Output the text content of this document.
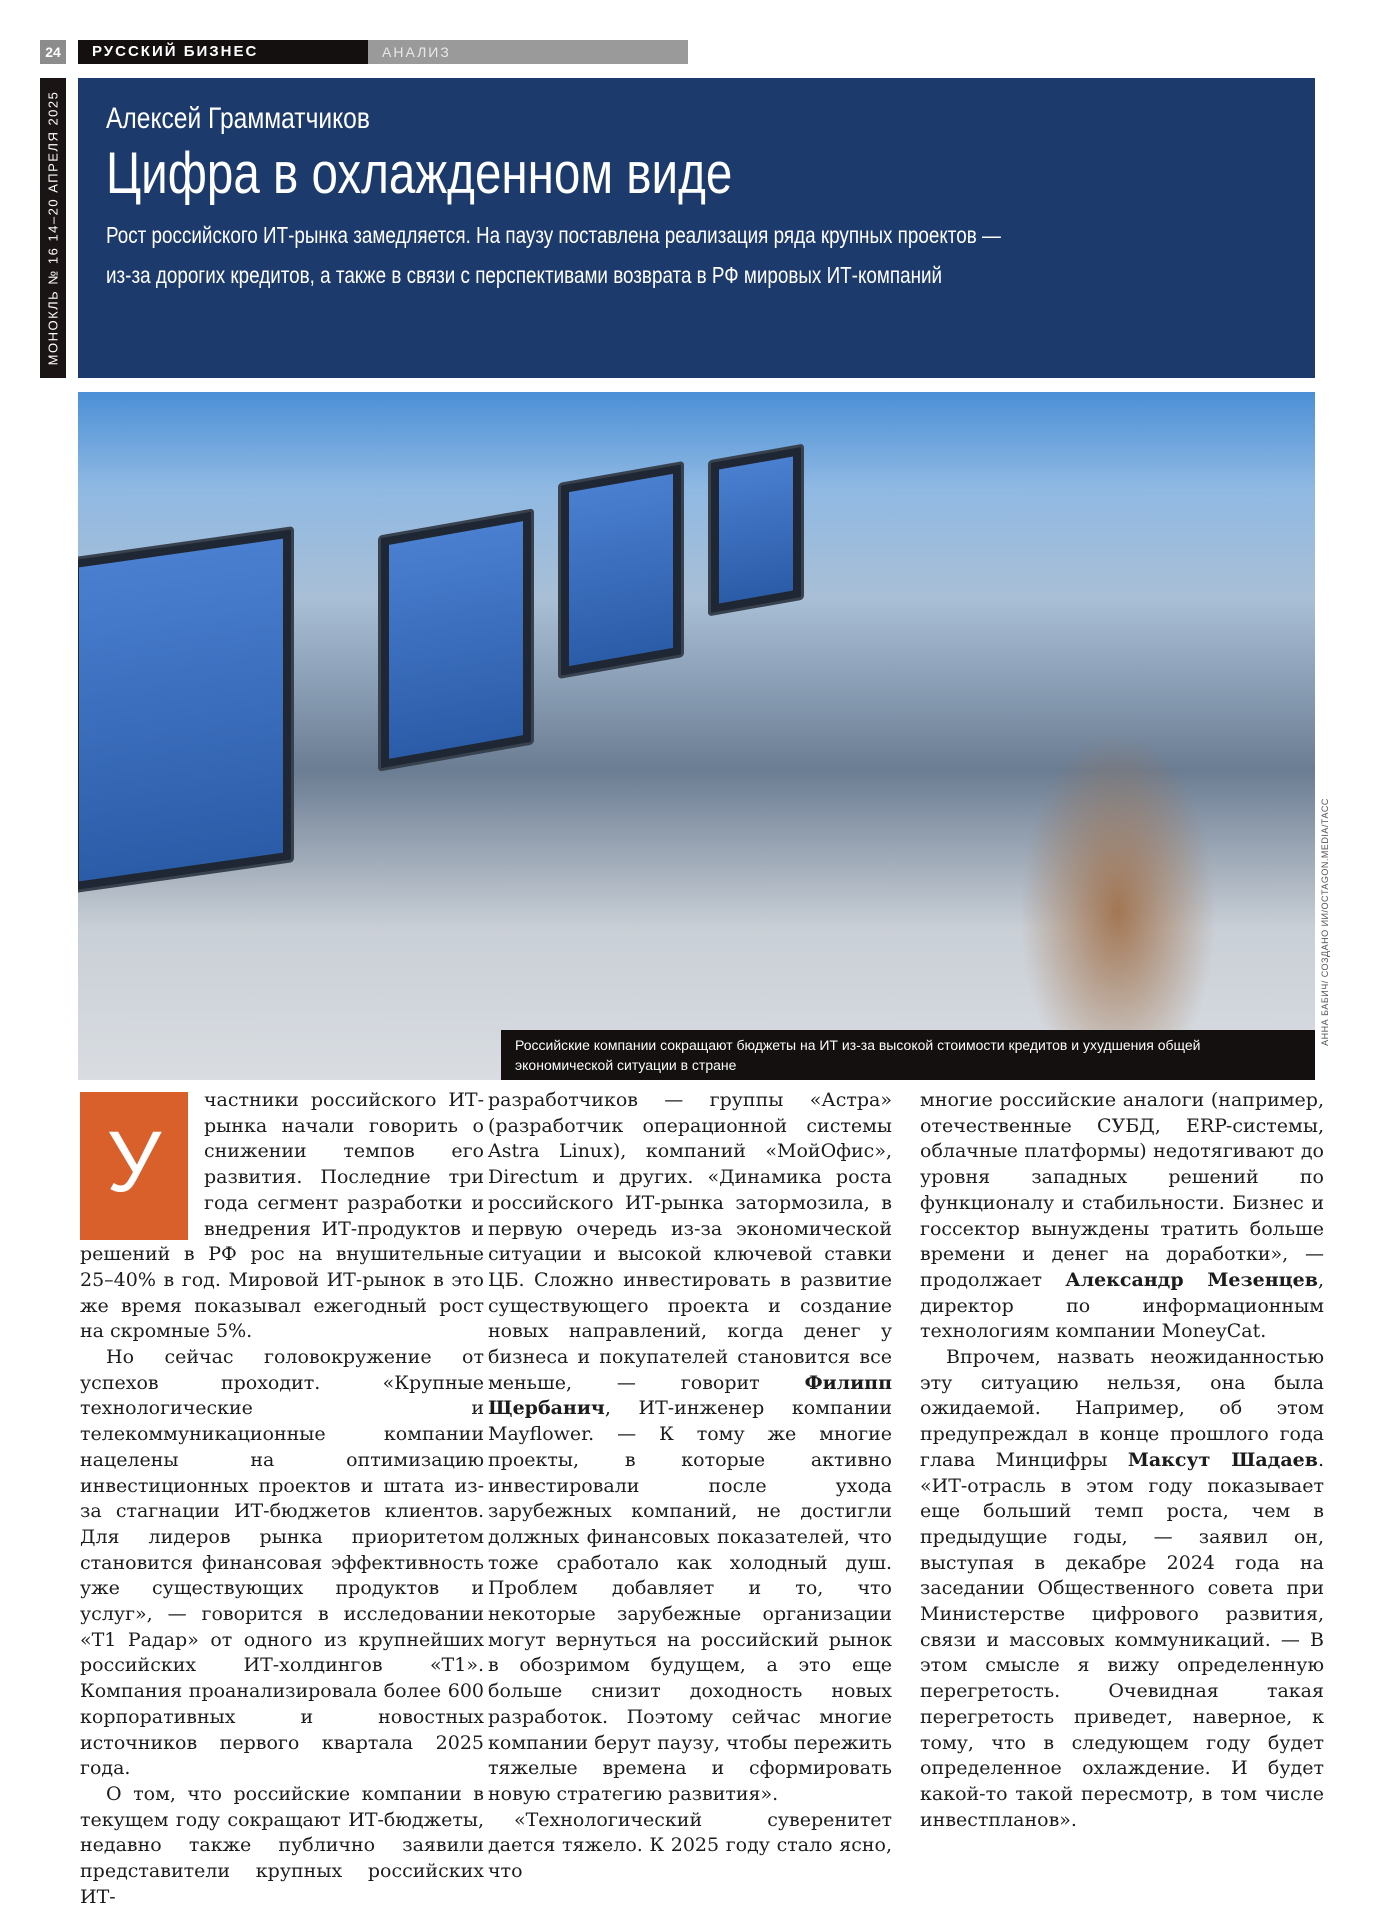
24	РУССКИЙ БИЗНЕС	АНАЛИЗ
МОНОКЛЬ № 16 14–20 АПРЕЛЯ 2025 Алексей Грамматчиков
Цифра в охлажденном виде
Рост российского ИТ-рынка замедляется. На паузу поставлена реализация ряда крупных проектов —
из-за дорогих кредитов, а также в связи с перспективами возврата в РФ мировых ИТ-компаний
Российские компании сокращают бюджеты на ИТ из-за высокой стоимости кредитов и ухудшения общей экономической ситуации в стране
АННА БАБИЧ/ СОЗДАНО ИИ/OCTAGON.MEDIA/ТАСС
У

частники российского ИТ-рынка начали говорить о снижении темпов его развития. Последние три года сегмент разработки и внедрения ИТ-продуктов и решений в РФ рос на внушительные 25–40% в год. Мировой ИТ-рынок в это же время показывал ежегодный рост на скромные 5%.

Но сейчас головокружение от успехов проходит. «Крупные технологические и телекоммуникационные компании нацелены на оптимизацию инвестиционных проектов и штата из-за стагнации ИТ-бюджетов клиентов. Для лидеров рынка приоритетом становится финансовая эффективность уже существующих продуктов и услуг», — говорится в исследовании «Т1 Радар» от одного из крупнейших российских ИТ-холдингов «Т1». Компания проанализировала более 600 корпоративных и новостных источников первого квартала 2025 года.

О том, что российские компании в текущем году сокращают ИТ-бюджеты, недавно также публично заявили представители крупных российских ИТ-

разработчиков — группы «Астра» (разработчик операционной системы Astra Linux), компаний «МойОфис», Directum и других. «Динамика роста российского ИТ-рынка затормозила, в первую очередь из-за экономической ситуации и высокой ключевой ставки ЦБ. Сложно инвестировать в развитие существующего проекта и создание новых направлений, когда денег у бизнеса и покупателей становится все меньше, — говорит Филипп Щербанич, ИТ-инженер компании Mayflower. — К тому же многие проекты, в которые активно инвестировали после ухода зарубежных компаний, не достигли должных финансовых показателей, что тоже сработало как холодный душ. Проблем добавляет и то, что некоторые зарубежные организации могут вернуться на российский рынок в обозримом будущем, а это еще больше снизит доходность новых разработок. Поэтому сейчас многие компании берут паузу, чтобы пережить тяжелые времена и сформировать новую стратегию развития».

«Технологический суверенитет дается тяжело. К 2025 году стало ясно, что

многие российские аналоги (например, отечественные СУБД, ERP-системы, облачные платформы) недотягивают до уровня западных решений по функционалу и стабильности. Бизнес и госсектор вынуждены тратить больше времени и денег на доработки», — продолжает Александр Мезенцев, директор по информационным технологиям компании MoneyCat.

Впрочем, назвать неожиданностью эту ситуацию нельзя, она была ожидаемой. Например, об этом предупреждал в конце прошлого года глава Минцифры Максут Шадаев. «ИТ-отрасль в этом году показывает еще больший темп роста, чем в предыдущие годы, — заявил он, выступая в декабре 2024 года на заседании Общественного совета при Министерстве цифрового развития, связи и массовых коммуникаций. — В этом смысле я вижу определенную перегретость. Очевидная такая перегретость приведет, наверное, к тому, что в следующем году будет определенное охлаждение. И будет какой-то такой пересмотр, в том числе инвестпланов».
